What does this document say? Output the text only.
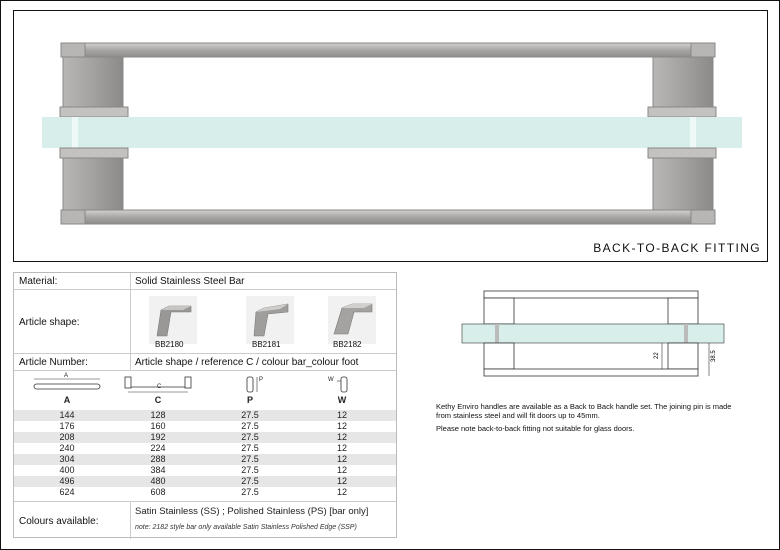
BACK-TO-BACK FITTING
Material:	Solid Stainless Steel Bar
Article shape:
BB2180	BB2181	BB2182
Article Number:	Article shape / reference C / colour bar_colour foot
A
C
P	W
A	C	P	W
144	128	27.5	12
176	160	27.5	12
208	192	27.5	12
240	224	27.5	12
304	288	27.5	12
400	384	27.5	12
496	480	27.5	12
624	608	27.5	12
Colours available:
Satin Stainless (SS) ; Polished Stainless (PS) [bar only]
note: 2182 style bar only available Satin Stainless Polished Edge (SSP)
22	38.5

Kethy Enviro handles are available as a Back to Back handle set. The joining pin is made from stainless steel and will fit doors up to 45mm.

Please note back-to-back fitting not suitable for glass doors.
